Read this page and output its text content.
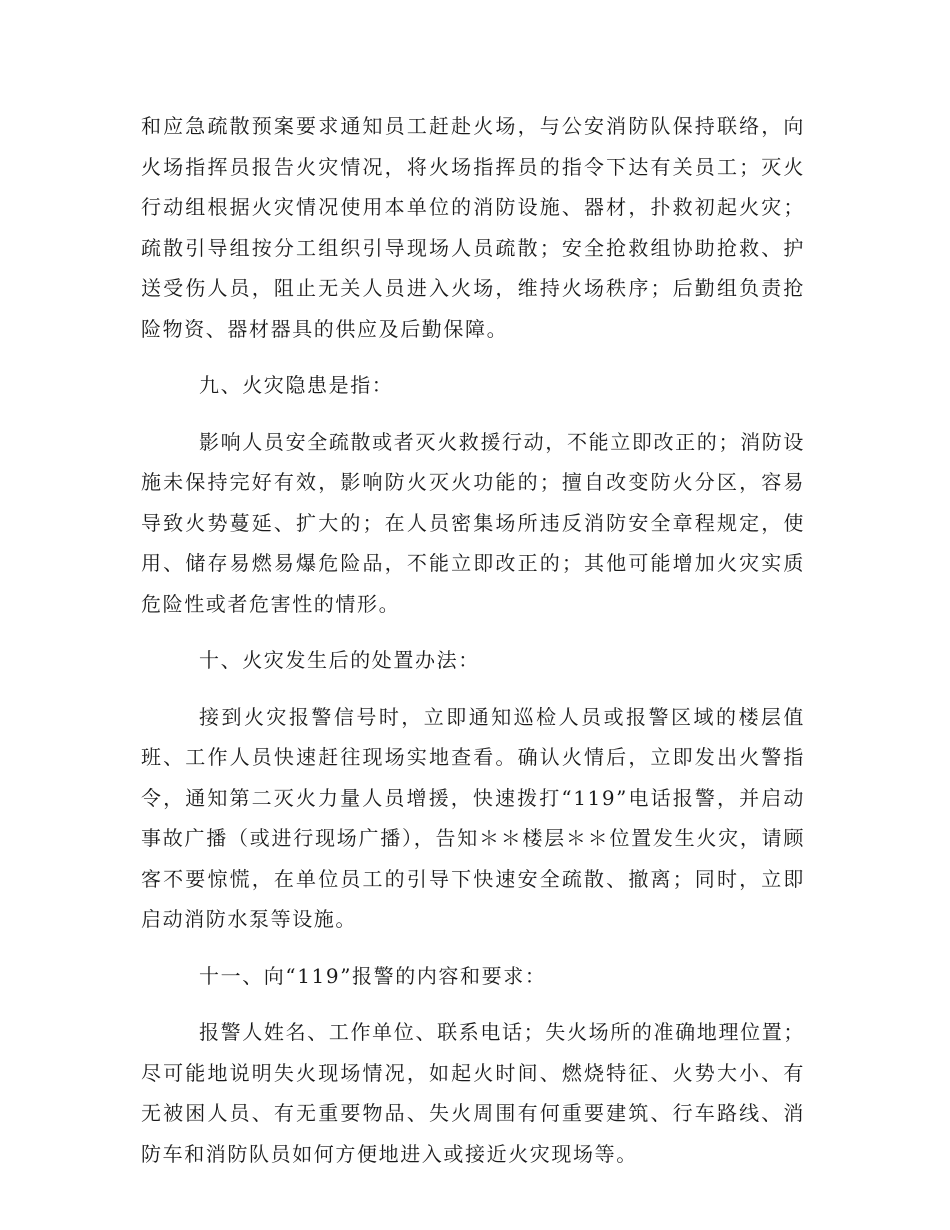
和应急疏散预案要求通知员工赶赴火场，与公安消防队保持联络，向火场指挥员报告火灾情况，将火场指挥员的指令下达有关员工；灭火行动组根据火灾情况使用本单位的消防设施、器材，扑救初起火灾；疏散引导组按分工组织引导现场人员疏散；安全抢救组协助抢救、护送受伤人员，阻止无关人员进入火场，维持火场秩序；后勤组负责抢险物资、器材器具的供应及后勤保障。

九、火灾隐患是指：

影响人员安全疏散或者灭火救援行动，不能立即改正的；消防设施未保持完好有效，影响防火灭火功能的；擅自改变防火分区，容易导致火势蔓延、扩大的；在人员密集场所违反消防安全章程规定，使用、储存易燃易爆危险品，不能立即改正的；其他可能增加火灾实质危险性或者危害性的情形。

十、火灾发生后的处置办法：

接到火灾报警信号时，立即通知巡检人员或报警区域的楼层值班、工作人员快速赶往现场实地查看。确认火情后，立即发出火警指令，通知第二灭火力量人员增援，快速拨打“119”电话报警，并启动事故广播（或进行现场广播），告知＊＊楼层＊＊位置发生火灾，请顾客不要惊慌，在单位员工的引导下快速安全疏散、撤离；同时，立即启动消防水泵等设施。

十一、向“119”报警的内容和要求：

报警人姓名、工作单位、联系电话；失火场所的准确地理位置；尽可能地说明失火现场情况，如起火时间、燃烧特征、火势大小、有无被困人员、有无重要物品、失火周围有何重要建筑、行车路线、消防车和消防队员如何方便地进入或接近火灾现场等。
